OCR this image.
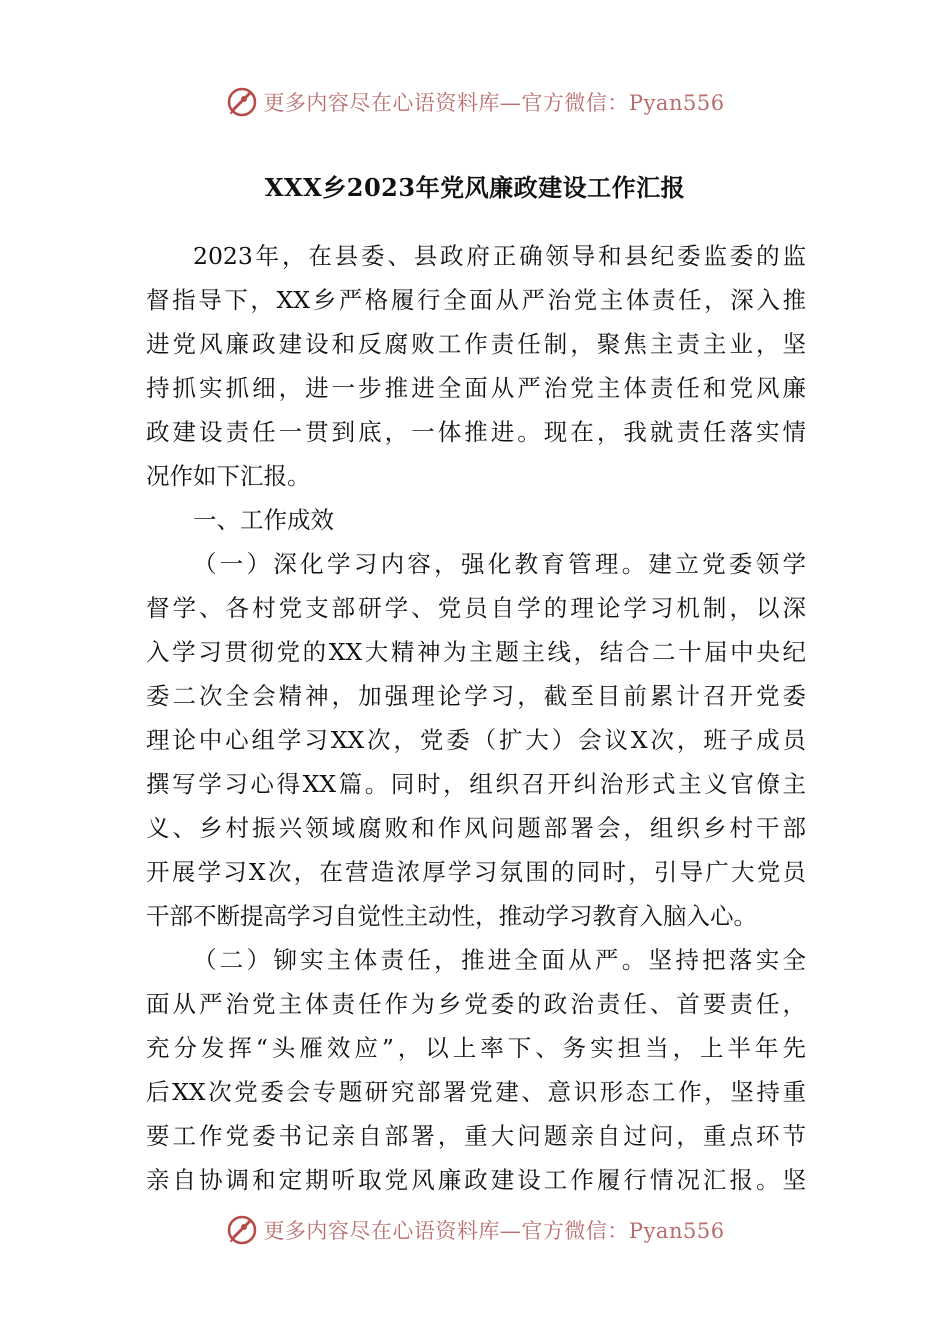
更多内容尽在心语资料库—官方微信：Pyan556
XXX乡2023年党风廉政建设工作汇报

2023年，在县委、县政府正确领导和县纪委监委的监
督指导下，XX乡严格履行全面从严治党主体责任，深入推
进党风廉政建设和反腐败工作责任制，聚焦主责主业，坚
持抓实抓细，进一步推进全面从严治党主体责任和党风廉
政建设责任一贯到底，一体推进。现在，我就责任落实情
况作如下汇报。

一、工作成效

（一）深化学习内容，强化教育管理。建立党委领学
督学、各村党支部研学、党员自学的理论学习机制，以深
入学习贯彻党的XX大精神为主题主线，结合二十届中央纪
委二次全会精神，加强理论学习，截至目前累计召开党委
理论中心组学习XX次，党委（扩大）会议X次，班子成员
撰写学习心得XX篇。同时，组织召开纠治形式主义官僚主
义、乡村振兴领域腐败和作风问题部署会，组织乡村干部
开展学习X次，在营造浓厚学习氛围的同时，引导广大党员
干部不断提高学习自觉性主动性，推动学习教育入脑入心。

（二）铆实主体责任，推进全面从严。坚持把落实全
面从严治党主体责任作为乡党委的政治责任、首要责任，
充分发挥“头雁效应”，以上率下、务实担当，上半年先
后XX次党委会专题研究部署党建、意识形态工作，坚持重
要工作党委书记亲自部署，重大问题亲自过问，重点环节
亲自协调和定期听取党风廉政建设工作履行情况汇报。坚

更多内容尽在心语资料库—官方微信：Pyan556
